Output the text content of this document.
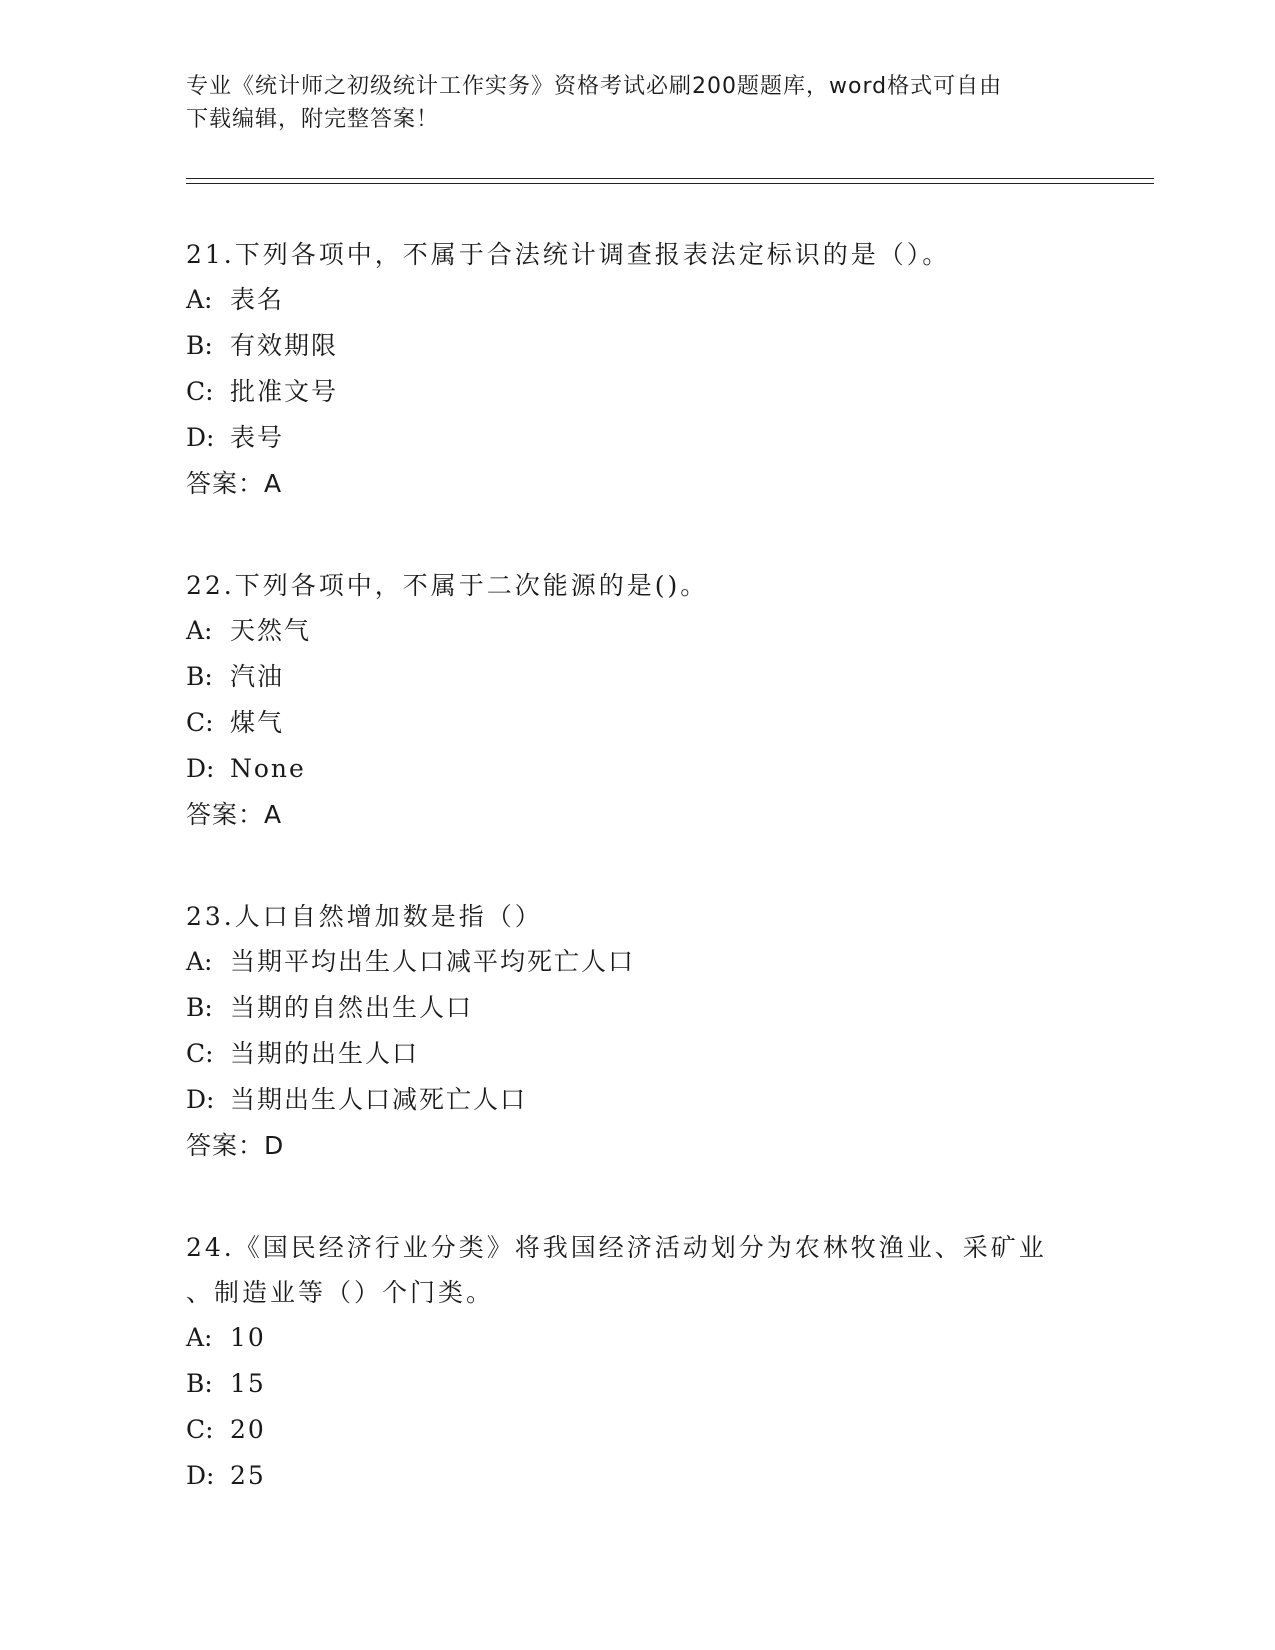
专业《统计师之初级统计工作实务》资格考试必刷200题题库，word格式可自由
下载编辑，附完整答案！
21.下列各项中，不属于合法统计调查报表法定标识的是（）。
A: 表名
B: 有效期限
C: 批准文号
D: 表号
答案：A
22.下列各项中，不属于二次能源的是()。
A: 天然气
B: 汽油
C: 煤气
D: None
答案：A
23.人口自然增加数是指（）
A: 当期平均出生人口减平均死亡人口
B: 当期的自然出生人口
C: 当期的出生人口
D: 当期出生人口减死亡人口
答案：D
24.《国民经济行业分类》将我国经济活动划分为农林牧渔业、采矿业
、制造业等（）个门类。
A: 10
B: 15
C: 20
D: 25
